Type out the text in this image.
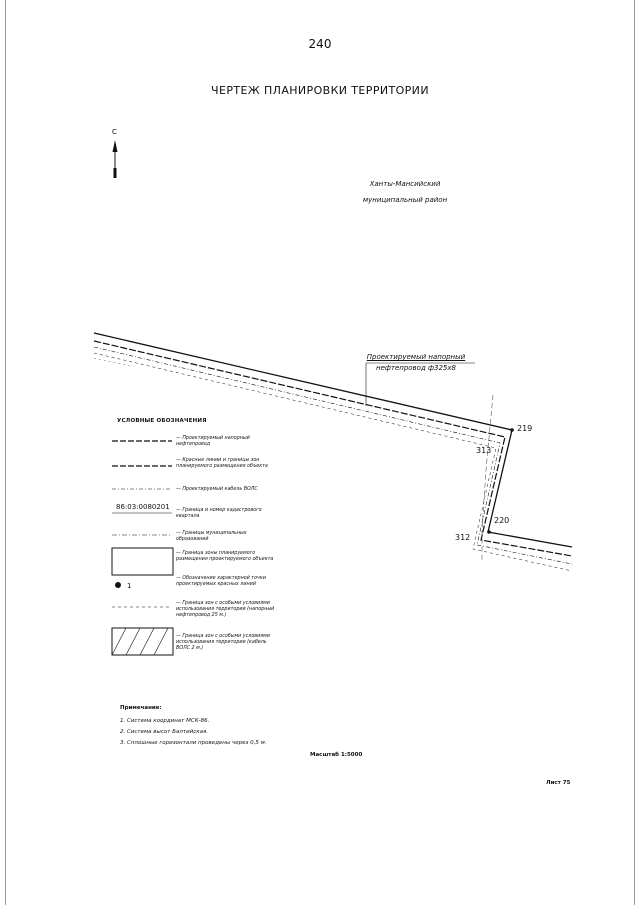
240
ЧЕРТЕЖ ПЛАНИРОВКИ ТЕРРИТОРИИ
С
Ханты-Мансийский
муниципальный район
Проектируемый напорный
нефтепровод ф325х8
219
313
220
312
УСЛОВНЫЕ ОБОЗНАЧЕНИЯ
— Проектируемый напорный нефтепровод
— Красные линии и границы зон планируемого размещения объекта
— Проектируемый кабель ВОЛС
86:03:0080201 — Граница и номер кадастрового квартала
— Границы муниципальных образований
— Граница зоны планируемого размещения проектируемого объекта
1
— Обозначение характерной точки проектируемых красных линий
— Граница зон с особыми условиями использования территории (напорный нефтепровод 25 м.)
— Граница зон с особыми условиями использования территории (кабель ВОЛС 2 м.)
Примечание:
1. Система координат МСК-86.
2. Система высот Балтийская.
3. Сплошные горизонтали проведены через 0,5 м.
Масштаб 1:5000
Лист 75
